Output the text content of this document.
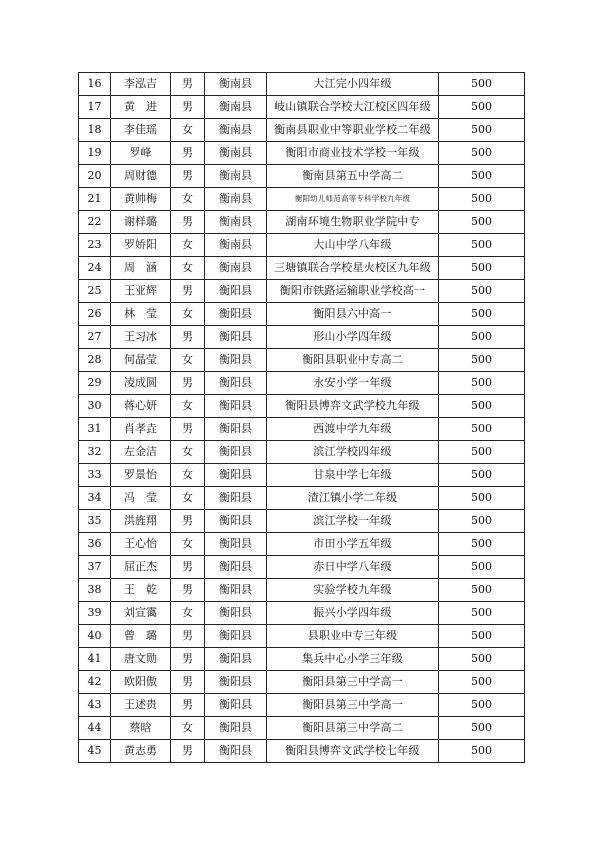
16	李泓吉	男	衡南县	大江完小四年级	500
17	黄　进	男	衡南县	岐山镇联合学校大江校区四年级	500
18	李佳瑶	女	衡南县	衡南县职业中等职业学校二年级	500
19	罗峰	男	衡南县	衡阳市商业技术学校一年级	500
20	周财德	男	衡南县	衡南县第五中学高二	500
21	黄帅梅	女	衡南县	衡阳幼儿师范高等专科学校九年级	500
22	谢样璐	男	衡南县	湖南环境生物职业学院中专	500
23	罗娇阳	女	衡南县	大山中学八年级	500
24	周　涵	女	衡南县	三塘镇联合学校星火校区九年级	500
25	王亚辉	男	衡阳县	衡阳市铁路运输职业学校高一	500
26	林　莹	女	衡阳县	衡阳县六中高一	500
27	王习冰	男	衡阳县	形山小学四年级	500
28	何晶莹	女	衡阳县	衡阳县职业中专高二	500
29	凌成圆	男	衡阳县	永安小学一年级	500
30	蒋心妍	女	衡阳县	衡阳县博弈文武学校九年级	500
31	肖孝垚	男	衡阳县	西渡中学九年级	500
32	左金洁	女	衡阳县	滨江学校四年级	500
33	罗景怡	女	衡阳县	甘泉中学七年级	500
34	冯　莹	女	衡阳县	渣江镇小学二年级	500
35	洪旌翔	男	衡阳县	滨江学校一年级	500
36	王心怡	女	衡阳县	市田小学五年级	500
37	屈正杰	男	衡阳县	赤日中学八年级	500
38	王　乾	男	衡阳县	实验学校九年级	500
39	刘宣霭	女	衡阳县	振兴小学四年级	500
40	曾　璐	男	衡阳县	县职业中专三年级	500
41	唐文勋	男	衡阳县	集兵中心小学三年级	500
42	欧阳傲	男	衡阳县	衡阳县第三中学高一	500
43	王述贵	男	衡阳县	衡阳县第三中学高一	500
44	蔡晗	女	衡阳县	衡阳县第三中学高二	500
45	黄志勇	男	衡阳县	衡阳县博弈文武学校七年级	500
